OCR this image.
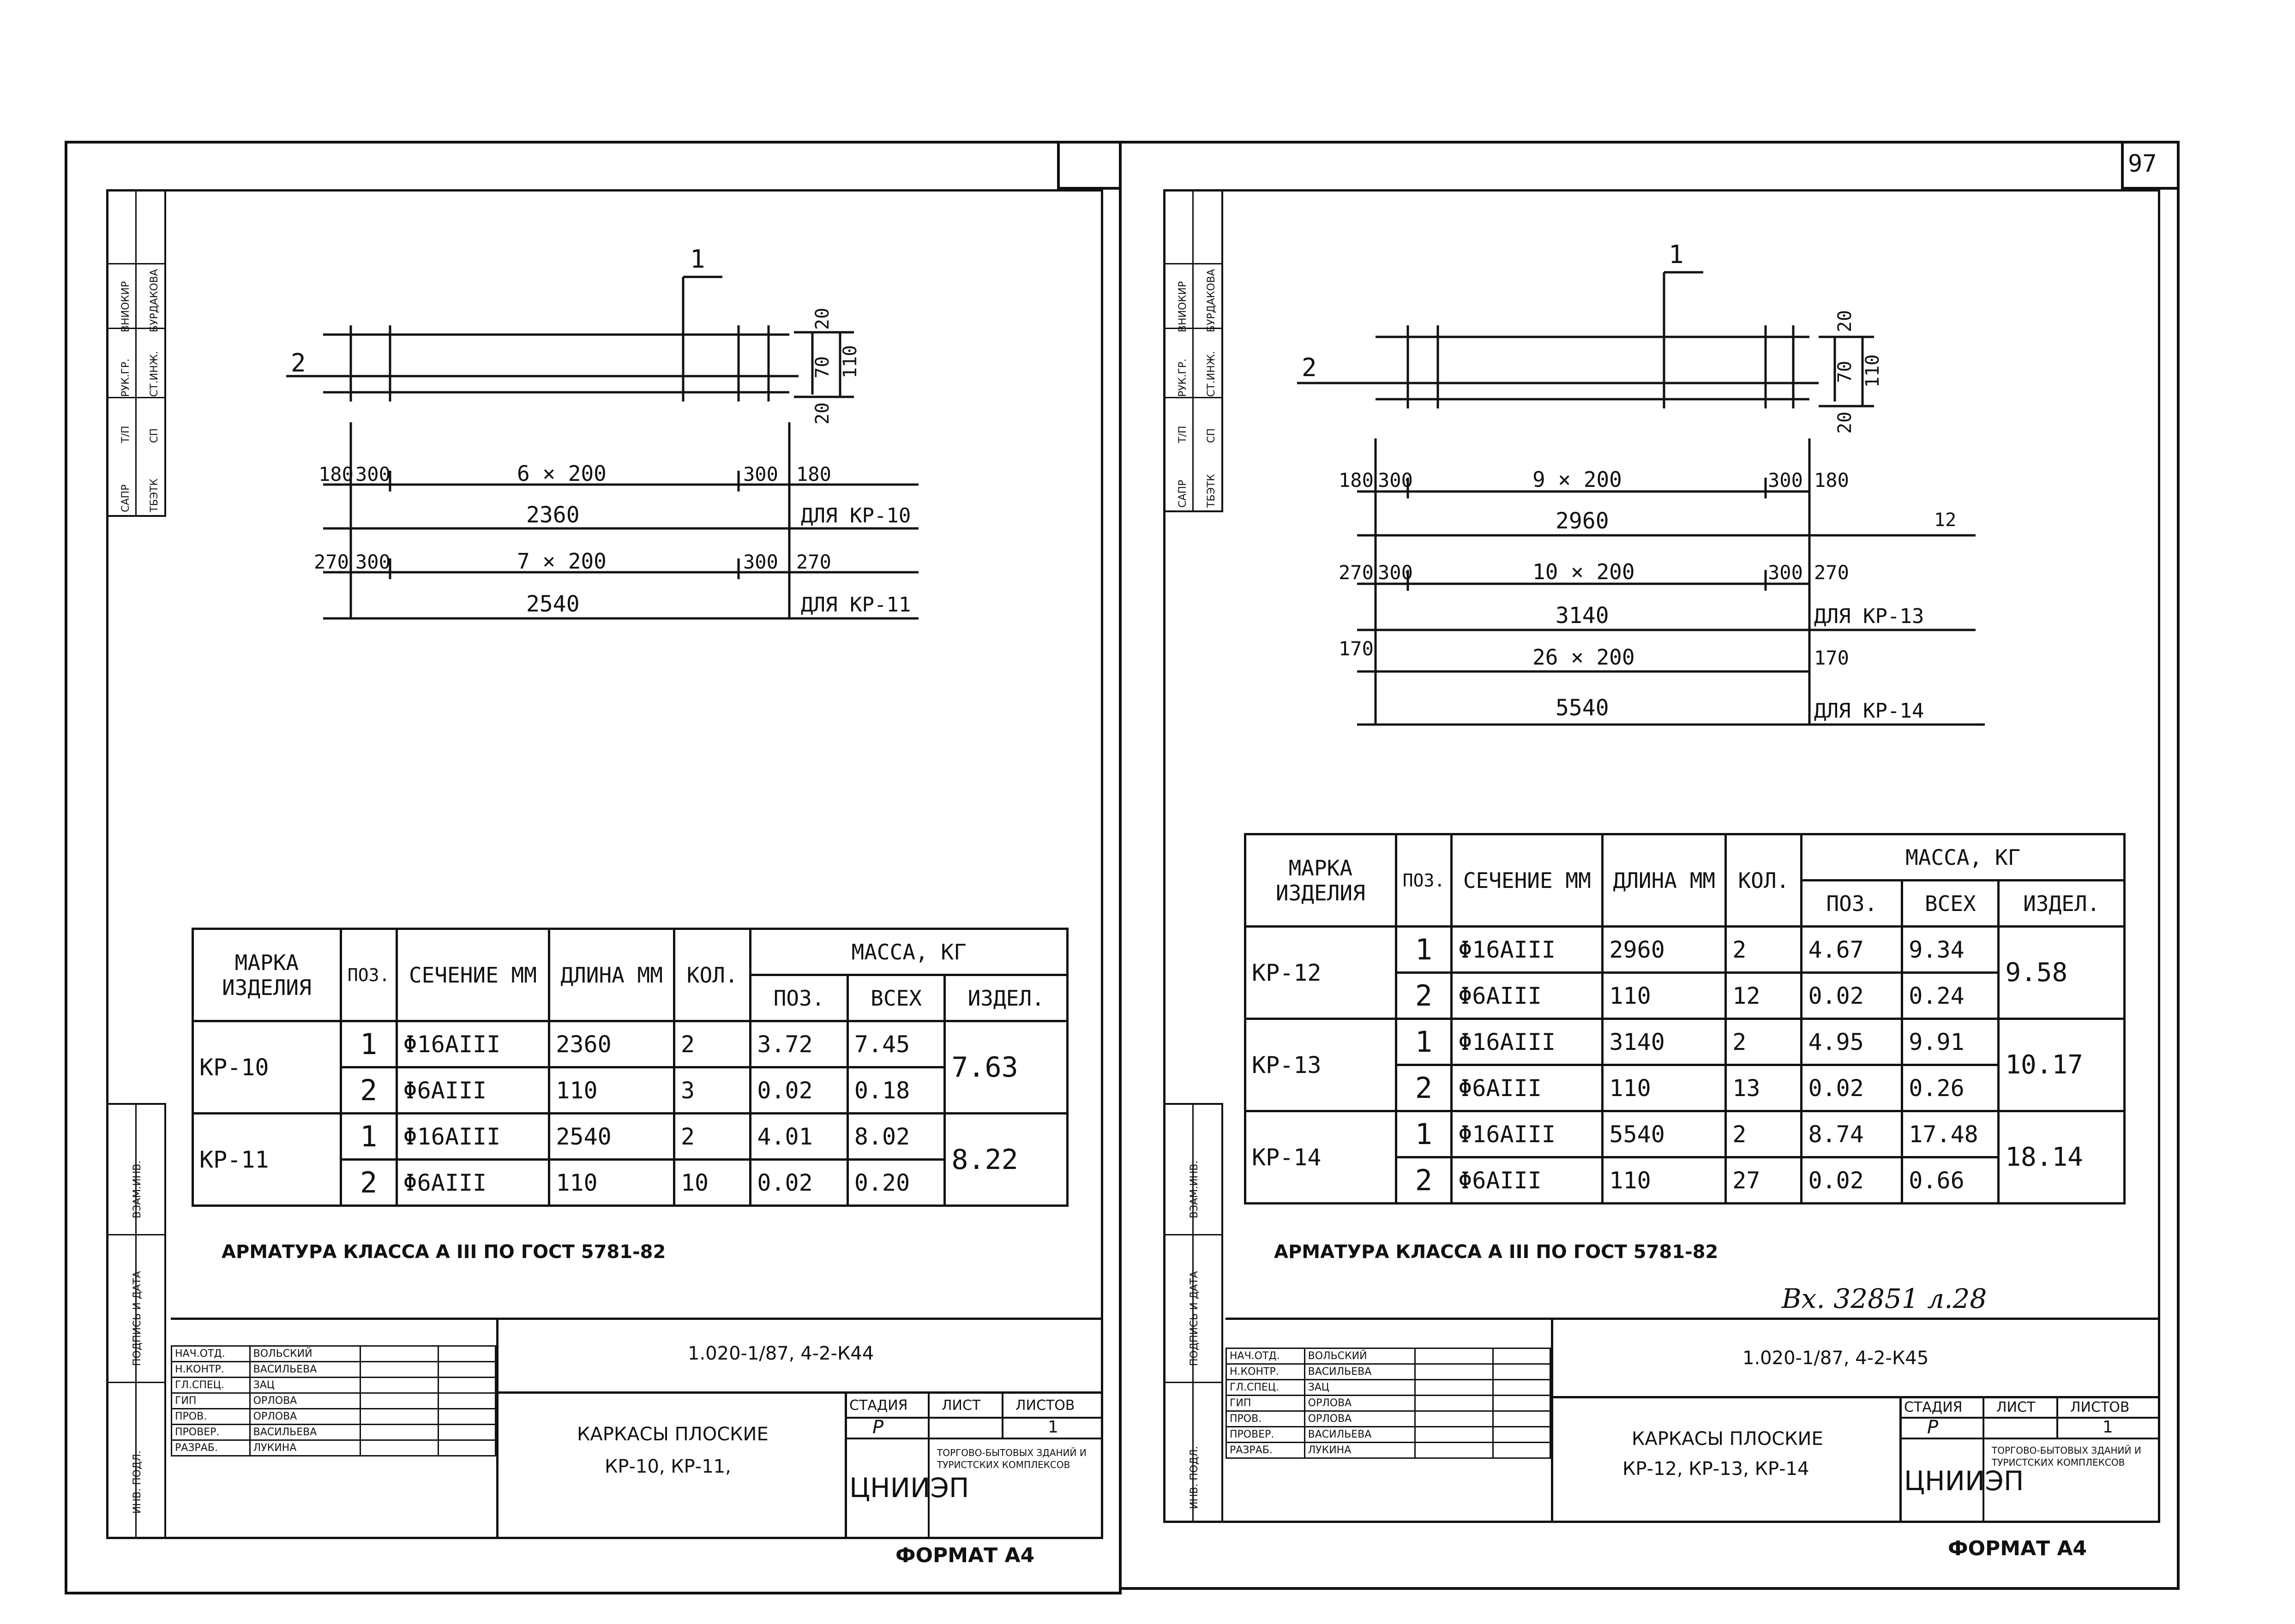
97
ВНИОКИР БУРДАКОВА
РУК.ГР. СТ.ИНЖ.
Т/П СП
САПР ТБЭТК
ВЗАМ.ИНВ.
ПОДПИСЬ И ДАТА
ИНВ. ПОДЛ.
1
2
20
70
20
110
180 300	6 × 200	300 180
2360	ДЛЯ КР-10
270 300	7 × 200	300 270
2540	ДЛЯ КР-11
МАРКА ИЗДЕЛИЯ	ПОЗ.	СЕЧЕНИЕ ММ	ДЛИНА ММ	КОЛ.	МАССА, КГ		
					ПОЗ.	ВСЕХ	ИЗДЕЛ.
КР-10	1	Φ16AIII	2360	2	3.72	7.45	7.63
	2	Φ6AIII	110	3	0.02	0.18	
КР-11	1	Φ16AIII	2540	2	4.01	8.02	8.22
	2	Φ6AIII	110	10	0.02	0.20	
АРМАТУРА КЛАССА А III ПО ГОСТ 5781-82
НАЧ.ОТД.	ВОЛЬСКИЙ		
Н.КОНТР.	ВАСИЛЬЕВА		
ГЛ.СПЕЦ.	ЗАЦ		
ГИП	ОРЛОВА		
ПРОВ.	ОРЛОВА		
ПРОВЕР.	ВАСИЛЬЕВА		
РАЗРАБ.	ЛУКИНА		
1.020-1/87, 4-2-К44
КАРКАСЫ ПЛОСКИЕ
КР-10, КР-11,
СТАДИЯ ЛИСТ	ЛИСТОВ
Р	1
ЦНИИЭП
ТОРГОВО-БЫТОВЫХ ЗДАНИЙ И ТУРИСТСКИХ КОМПЛЕКСОВ
ФОРМАТ А4
ВНИОКИР БУРДАКОВА
РУК.ГР. СТ.ИНЖ.
Т/П СП
САПР ТБЭТК
ВЗАМ.ИНВ.
ПОДПИСЬ И ДАТА
ИНВ. ПОДЛ.
1
2
20
70
20
110
180 300	9 × 200	300 180
2960	12
270 300	10 × 200	300 270
3140	ДЛЯ КР-13
170	26 × 200	170
5540	ДЛЯ КР-14
МАРКА ИЗДЕЛИЯ	ПОЗ.	СЕЧЕНИЕ ММ	ДЛИНА ММ	КОЛ.	МАССА, КГ		
					ПОЗ.	ВСЕХ	ИЗДЕЛ.
КР-12	1	Φ16AIII	2960	2	4.67	9.34	9.58
	2	Φ6AIII	110	12	0.02	0.24	
КР-13	1	Φ16AIII	3140	2	4.95	9.91	10.17
	2	Φ6AIII	110	13	0.02	0.26	
КР-14	1	Φ16AIII	5540	2	8.74	17.48	18.14
	2	Φ6AIII	110	27	0.02	0.66	
АРМАТУРА КЛАССА А III ПО ГОСТ 5781-82
Вх. 32851 л.28
НАЧ.ОТД.	ВОЛЬСКИЙ		
Н.КОНТР.	ВАСИЛЬЕВА		
ГЛ.СПЕЦ.	ЗАЦ		
ГИП	ОРЛОВА		
ПРОВ.	ОРЛОВА		
ПРОВЕР.	ВАСИЛЬЕВА		
РАЗРАБ.	ЛУКИНА		
1.020-1/87, 4-2-К45
КАРКАСЫ ПЛОСКИЕ
КР-12, КР-13, КР-14
СТАДИЯ ЛИСТ	ЛИСТОВ
Р	1
ЦНИИЭП
ТОРГОВО-БЫТОВЫХ ЗДАНИЙ И ТУРИСТСКИХ КОМПЛЕКСОВ
ФОРМАТ А4
